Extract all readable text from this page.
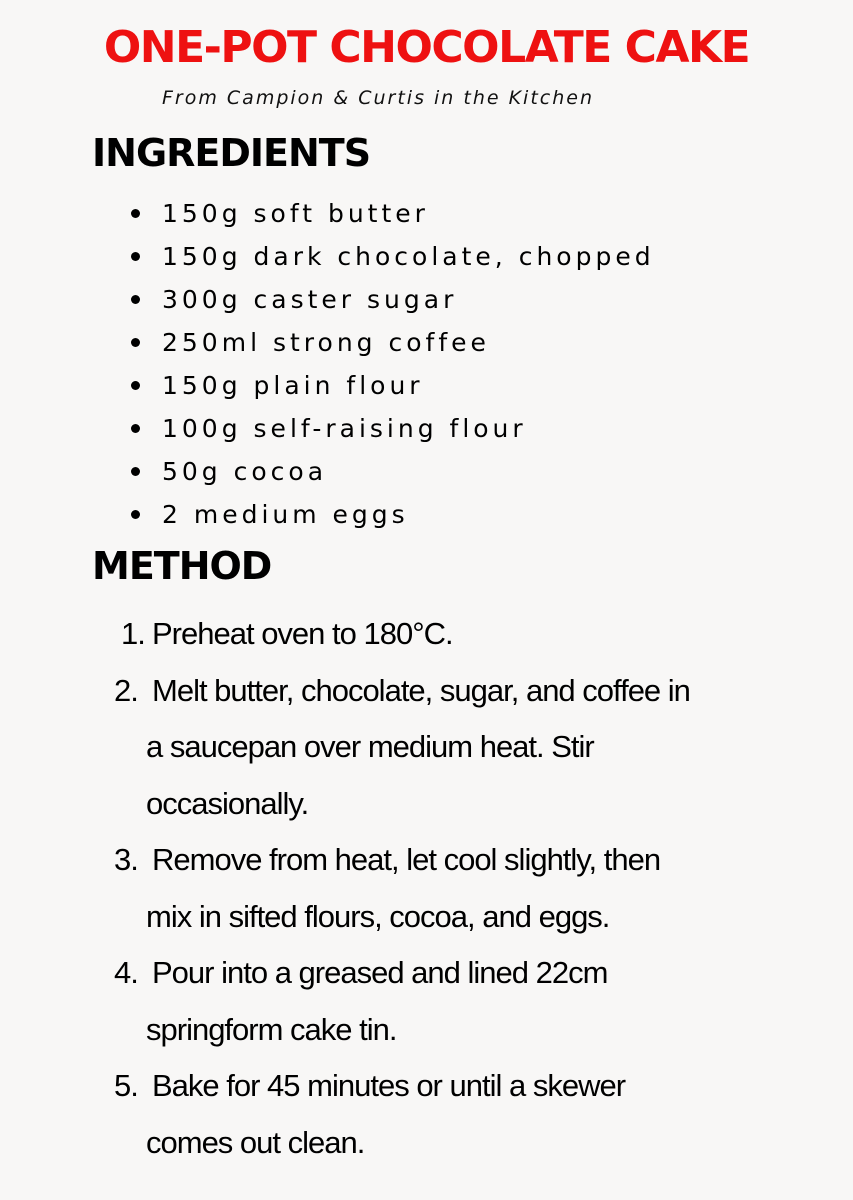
ONE-POT CHOCOLATE CAKE
From Campion & Curtis in the Kitchen
INGREDIENTS
150g soft butter
150g dark chocolate, chopped
300g caster sugar
250ml strong coffee
150g plain flour
100g self-raising flour
50g cocoa
2 medium eggs
METHOD
1. Preheat oven to 180°C.
2. Melt butter, chocolate, sugar, and coffee in
a saucepan over medium heat. Stir
occasionally.
3. Remove from heat, let cool slightly, then
mix in sifted flours, cocoa, and eggs.
4. Pour into a greased and lined 22cm
springform cake tin.
5. Bake for 45 minutes or until a skewer
comes out clean.
